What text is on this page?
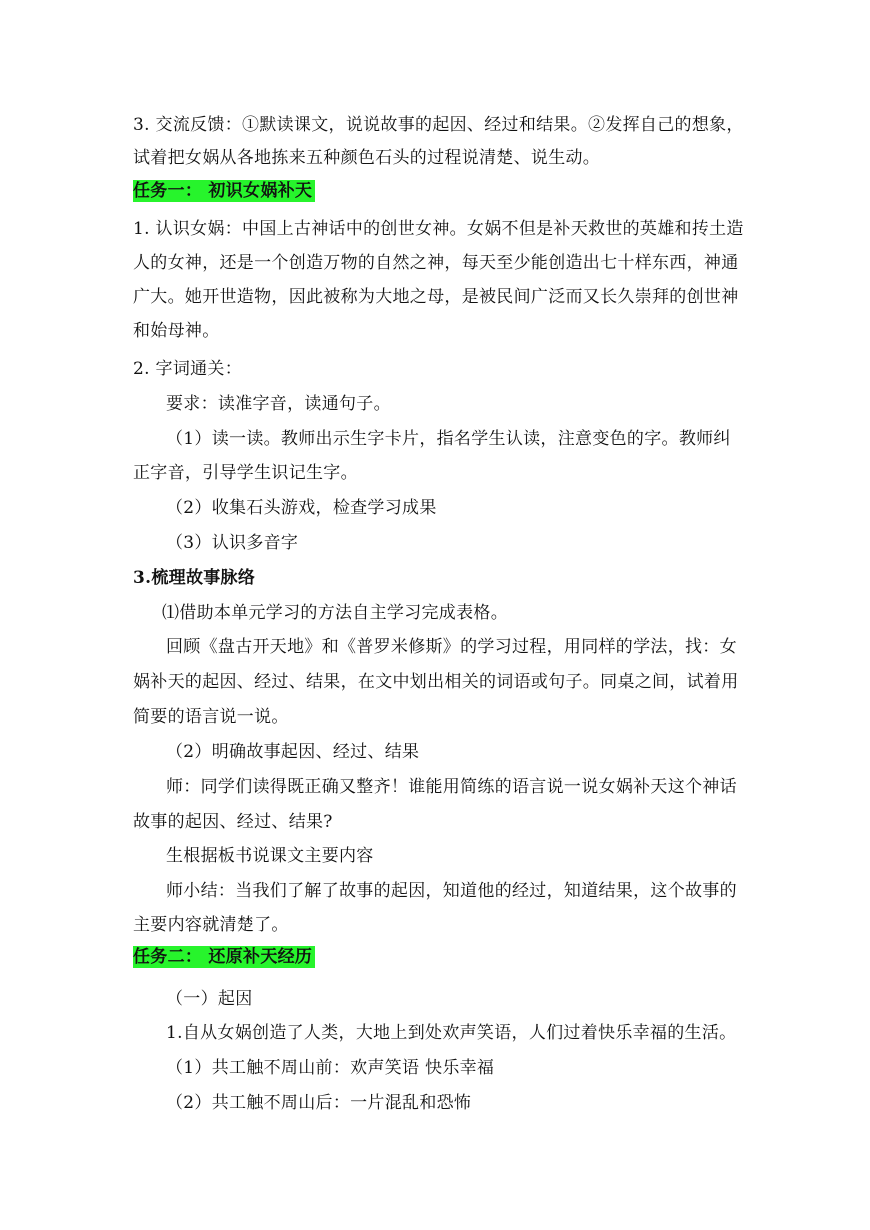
3. 交流反馈：①默读课文，说说故事的起因、经过和结果。②发挥自己的想象，
试着把女娲从各地拣来五种颜色石头的过程说清楚、说生动。
任务一： 初识女娲补天
1. 认识女娲：中国上古神话中的创世女神。女娲不但是补天救世的英雄和抟土造
人的女神，还是一个创造万物的自然之神，每天至少能创造出七十样东西，神通
广大。她开世造物，因此被称为大地之母，是被民间广泛而又长久崇拜的创世神
和始母神。
2. 字词通关：
要求：读准字音，读通句子。
（1）读一读。教师出示生字卡片，指名学生认读，注意变色的字。教师纠
正字音，引导学生识记生字。
（2）收集石头游戏，检查学习成果
（3）认识多音字
3.梳理故事脉络
⑴借助本单元学习的方法自主学习完成表格。
回顾《盘古开天地》和《普罗米修斯》的学习过程，用同样的学法，找：女
娲补天的起因、经过、结果，在文中划出相关的词语或句子。同桌之间，试着用
简要的语言说一说。
（2）明确故事起因、经过、结果
师：同学们读得既正确又整齐！谁能用简练的语言说一说女娲补天这个神话
故事的起因、经过、结果?
生根据板书说课文主要内容
师小结：当我们了解了故事的起因，知道他的经过，知道结果，这个故事的
主要内容就清楚了。
任务二： 还原补天经历
（一）起因
1.自从女娲创造了人类，大地上到处欢声笑语，人们过着快乐幸福的生活。
（1）共工触不周山前：欢声笑语 快乐幸福
（2）共工触不周山后：一片混乱和恐怖
